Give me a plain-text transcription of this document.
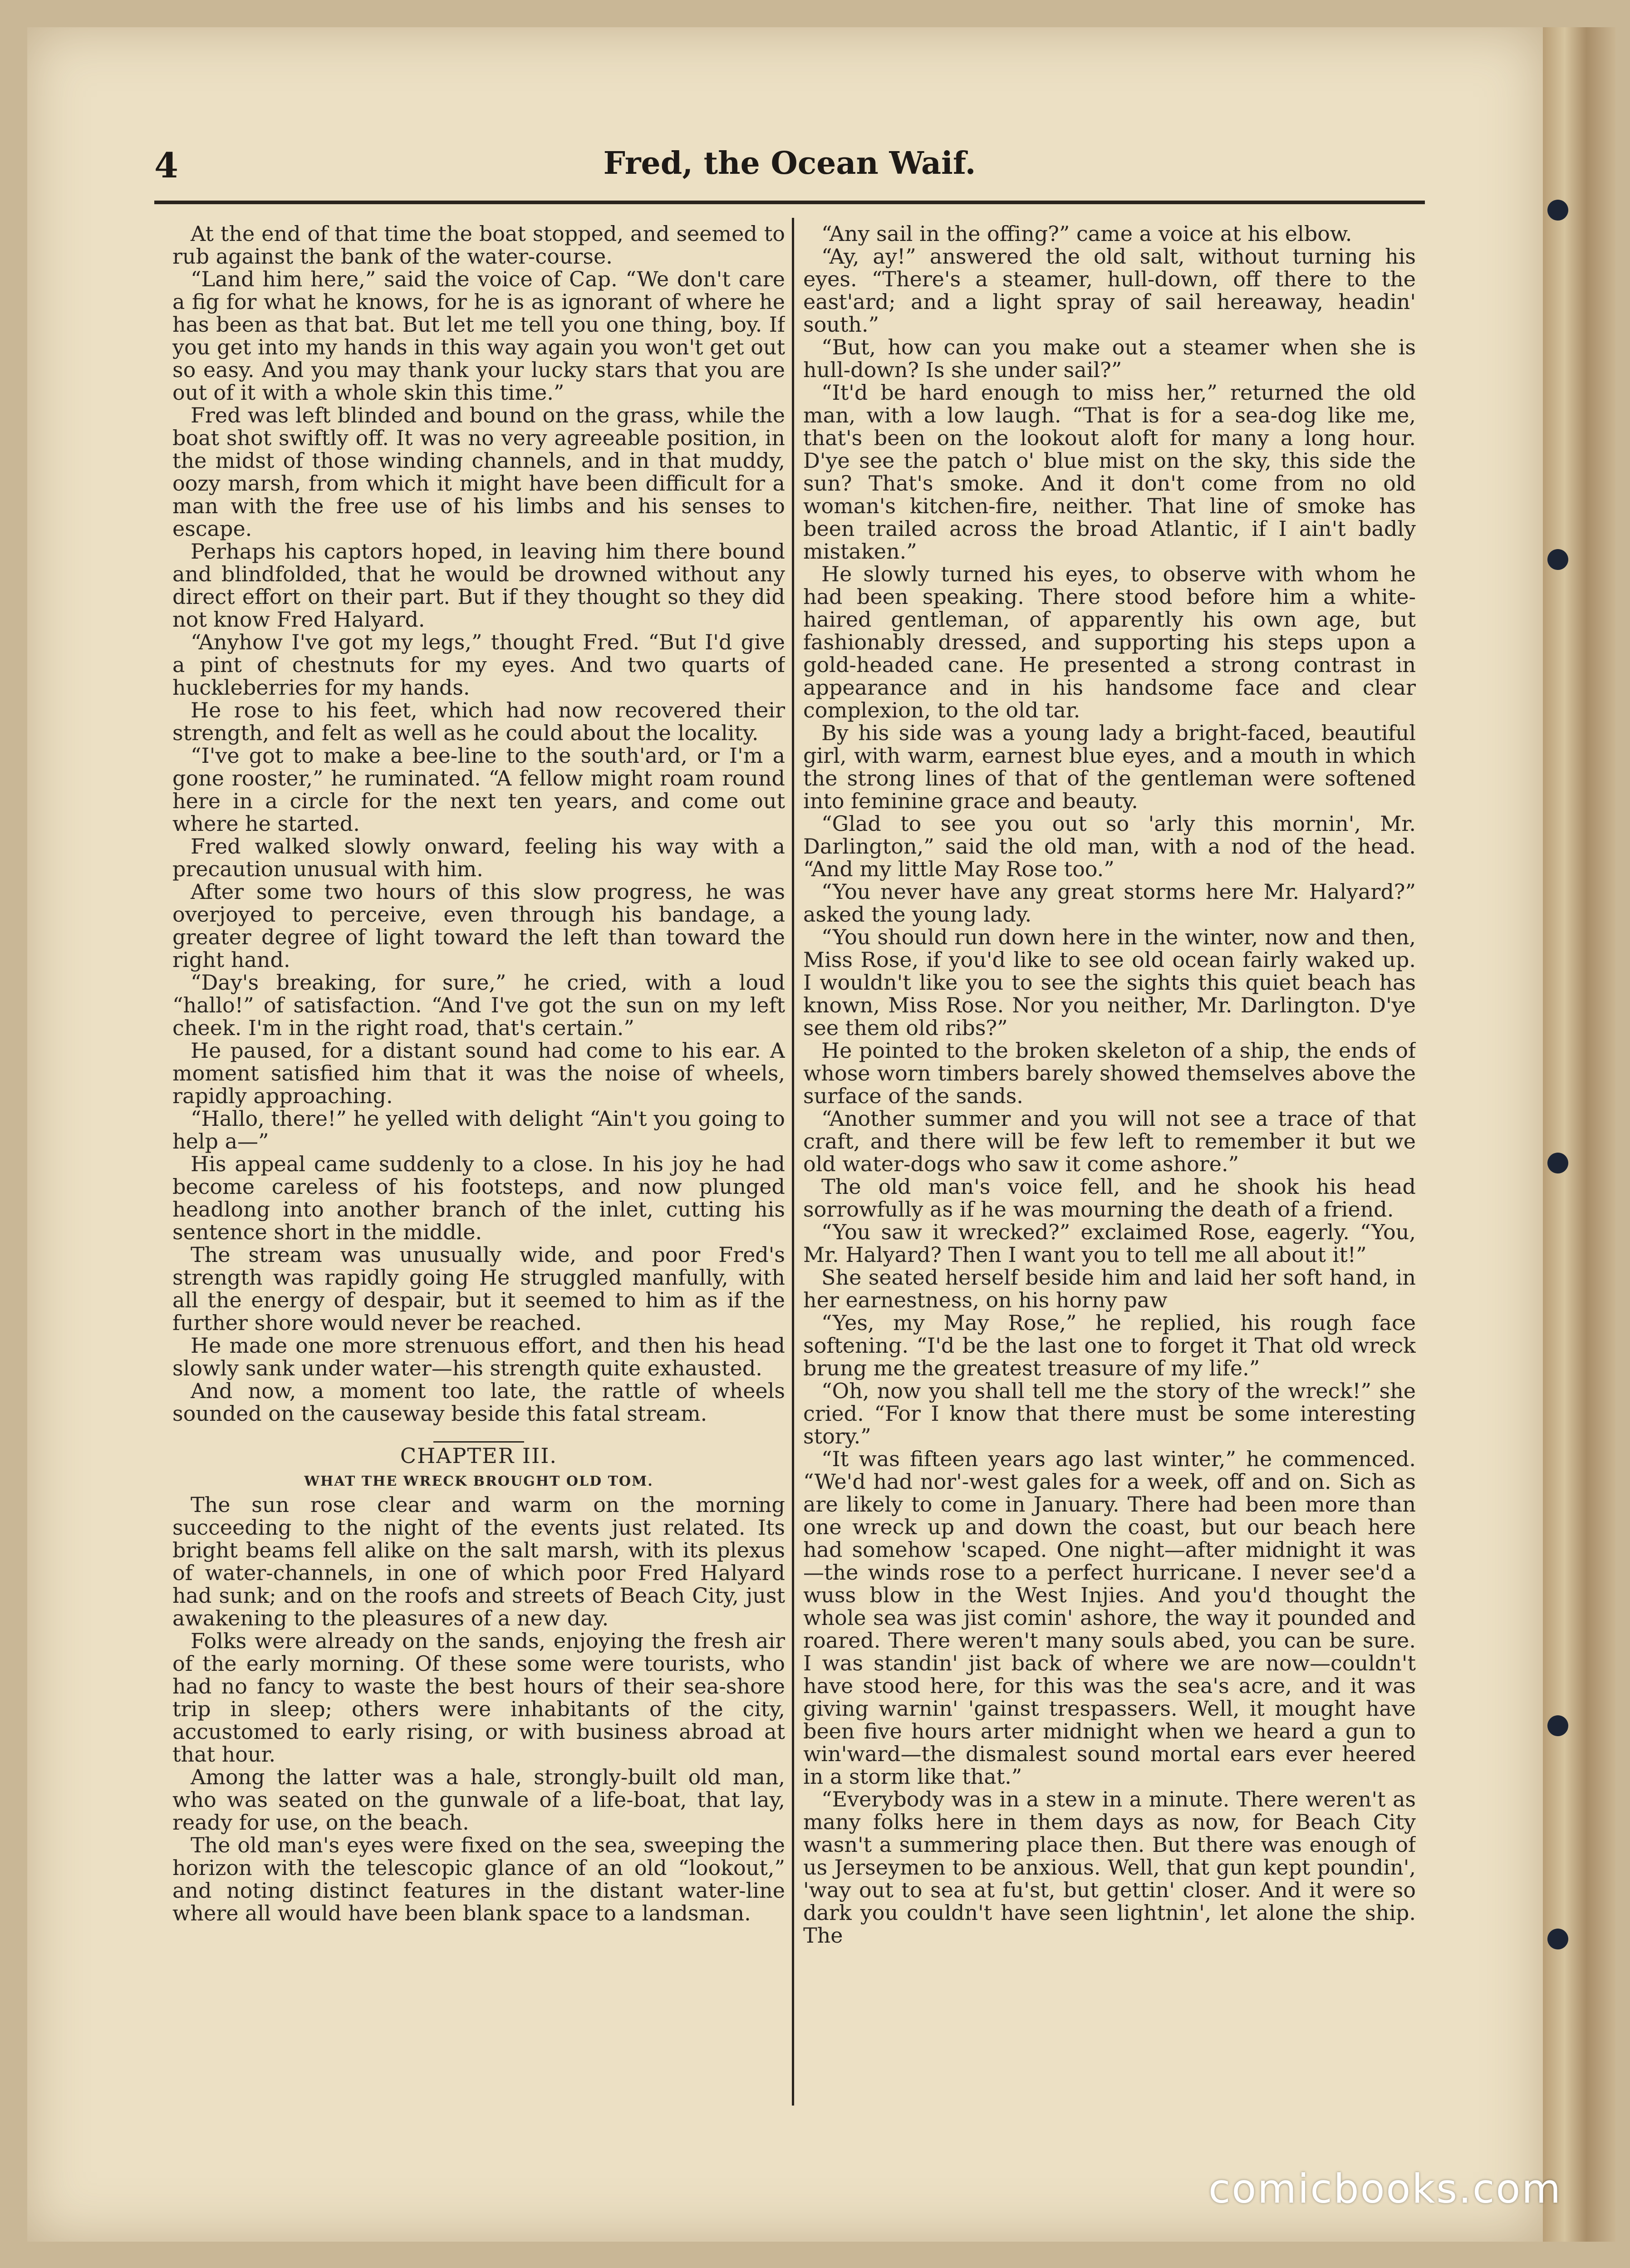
4	Fred, the Ocean Waif.

At the end of that time the boat stopped, and seemed to rub against the bank of the water-course.

“Land him here,” said the voice of Cap. “We don't care a fig for what he knows, for he is as ignorant of where he has been as that bat. But let me tell you one thing, boy. If you get into my hands in this way again you won't get out so easy. And you may thank your lucky stars that you are out of it with a whole skin this time.”

Fred was left blinded and bound on the grass, while the boat shot swiftly off. It was no very agreeable position, in the midst of those winding channels, and in that muddy, oozy marsh, from which it might have been difficult for a man with the free use of his limbs and his senses to escape.

Perhaps his captors hoped, in leaving him there bound and blindfolded, that he would be drowned without any direct effort on their part. But if they thought so they did not know Fred Halyard.

“Anyhow I've got my legs,” thought Fred. “But I'd give a pint of chestnuts for my eyes. And two quarts of huckleberries for my hands.

He rose to his feet, which had now recovered their strength, and felt as well as he could about the locality.

“I've got to make a bee-line to the south'ard, or I'm a gone rooster,” he ruminated. “A fellow might roam round here in a circle for the next ten years, and come out where he started.

Fred walked slowly onward, feeling his way with a precaution unusual with him.

After some two hours of this slow progress, he was overjoyed to perceive, even through his bandage, a greater degree of light toward the left than toward the right hand.

“Day's breaking, for sure,” he cried, with a loud “hallo!” of satisfaction. “And I've got the sun on my left cheek. I'm in the right road, that's certain.”

He paused, for a distant sound had come to his ear. A moment satisfied him that it was the noise of wheels, rapidly approaching.

“Hallo, there!” he yelled with delight “Ain't you going to help a—”

His appeal came suddenly to a close. In his joy he had become careless of his footsteps, and now plunged headlong into another branch of the inlet, cutting his sentence short in the middle.

The stream was unusually wide, and poor Fred's strength was rapidly going He struggled manfully, with all the energy of despair, but it seemed to him as if the further shore would never be reached.

He made one more strenuous effort, and then his head slowly sank under water—his strength quite exhausted.

And now, a moment too late, the rattle of wheels sounded on the causeway beside this fatal stream.

CHAPTER III.
WHAT THE WRECK BROUGHT OLD TOM.

The sun rose clear and warm on the morning succeeding to the night of the events just related. Its bright beams fell alike on the salt marsh, with its plexus of water-channels, in one of which poor Fred Halyard had sunk; and on the roofs and streets of Beach City, just awakening to the pleasures of a new day.

Folks were already on the sands, enjoying the fresh air of the early morning. Of these some were tourists, who had no fancy to waste the best hours of their sea-shore trip in sleep; others were inhabitants of the city, accustomed to early rising, or with business abroad at that hour.

Among the latter was a hale, strongly-built old man, who was seated on the gunwale of a life-boat, that lay, ready for use, on the beach.

The old man's eyes were fixed on the sea, sweeping the horizon with the telescopic glance of an old “lookout,” and noting distinct features in the distant water-line where all would have been blank space to a landsman.

“Any sail in the offing?” came a voice at his elbow.

“Ay, ay!” answered the old salt, without turning his eyes. “There's a steamer, hull-down, off there to the east'ard; and a light spray of sail hereaway, headin' south.”

“But, how can you make out a steamer when she is hull-down? Is she under sail?”

“It'd be hard enough to miss her,” returned the old man, with a low laugh. “That is for a sea-dog like me, that's been on the lookout aloft for many a long hour. D'ye see the patch o' blue mist on the sky, this side the sun? That's smoke. And it don't come from no old woman's kitchen-fire, neither. That line of smoke has been trailed across the broad Atlantic, if I ain't badly mistaken.”

He slowly turned his eyes, to observe with whom he had been speaking. There stood before him a white-haired gentleman, of apparently his own age, but fashionably dressed, and supporting his steps upon a gold-headed cane. He presented a strong contrast in appearance and in his handsome face and clear complexion, to the old tar.

By his side was a young lady a bright-faced, beautiful girl, with warm, earnest blue eyes, and a mouth in which the strong lines of that of the gentleman were softened into feminine grace and beauty.

“Glad to see you out so 'arly this mornin', Mr. Darlington,” said the old man, with a nod of the head. “And my little May Rose too.”

“You never have any great storms here Mr. Halyard?” asked the young lady.

“You should run down here in the winter, now and then, Miss Rose, if you'd like to see old ocean fairly waked up. I wouldn't like you to see the sights this quiet beach has known, Miss Rose. Nor you neither, Mr. Darlington. D'ye see them old ribs?”

He pointed to the broken skeleton of a ship, the ends of whose worn timbers barely showed themselves above the surface of the sands.

“Another summer and you will not see a trace of that craft, and there will be few left to remember it but we old water-dogs who saw it come ashore.”

The old man's voice fell, and he shook his head sorrowfully as if he was mourning the death of a friend.

“You saw it wrecked?” exclaimed Rose, eagerly. “You, Mr. Halyard? Then I want you to tell me all about it!”

She seated herself beside him and laid her soft hand, in her earnestness, on his horny paw

“Yes, my May Rose,” he replied, his rough face softening. “I'd be the last one to forget it That old wreck brung me the greatest treasure of my life.”

“Oh, now you shall tell me the story of the wreck!” she cried. “For I know that there must be some interesting story.”

“It was fifteen years ago last winter,” he commenced. “We'd had nor'-west gales for a week, off and on. Sich as are likely to come in January. There had been more than one wreck up and down the coast, but our beach here had somehow 'scaped. One night—after midnight it was—the winds rose to a perfect hurricane. I never see'd a wuss blow in the West Injies. And you'd thought the whole sea was jist comin' ashore, the way it pounded and roared. There weren't many souls abed, you can be sure. I was standin' jist back of where we are now—couldn't have stood here, for this was the sea's acre, and it was giving warnin' 'gainst trespassers. Well, it mought have been five hours arter midnight when we heard a gun to win'ward—the dismalest sound mortal ears ever heered in a storm like that.”

“Everybody was in a stew in a minute. There weren't as many folks here in them days as now, for Beach City wasn't a summering place then. But there was enough of us Jerseymen to be anxious. Well, that gun kept poundin', 'way out to sea at fu'st, but gettin' closer. And it were so dark you couldn't have seen lightnin', let alone the ship. The

comicbooks.com
